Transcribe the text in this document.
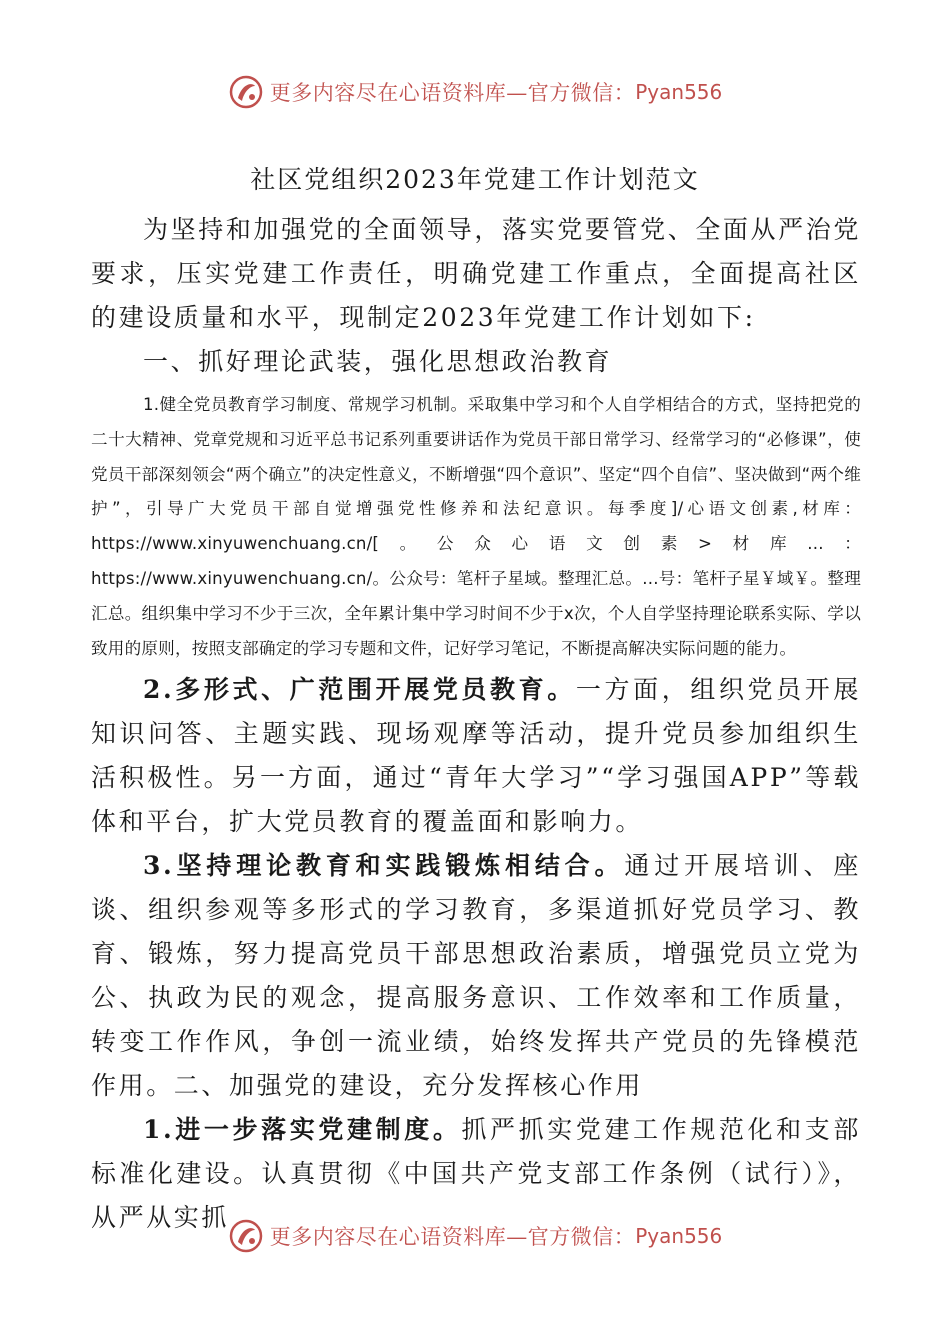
更多内容尽在心语资料库—官方微信： Pyan556
社区党组织2023年党建工作计划范文

为坚持和加强党的全面领导，落实党要管党、全面从严治党要求，压实党建工作责任，明确党建工作重点，全面提高社区的建设质量和水平，现制定2023年党建工作计划如下:

一、抓好理论武装，强化思想政治教育

1.健全党员教育学习制度、常规学习机制。采取集中学习和个人自学相结合的方式，坚持把党的二十大精神、党章党规和习近平总书记系列重要讲话作为党员干部日常学习、经常学习的“必修课”，使党员干部深刻领会“两个确立”的决定性意义，不断增强“四个意识”、坚定“四个自信”、坚决做到“两个维护”，引导广大党员干部自觉增强党性修养和法纪意识。每季度]/心语文创素,材库：https://www.xinyuwenchuang.cn/[。公众心语文创素>材库...：https://www.xinyuwenchuang.cn/。公众号：笔杆子星域。整理汇总。...号：笔杆子星￥域￥。整理汇总。组织集中学习不少于三次，全年累计集中学习时间不少于x次，个人自学坚持理论联系实际、学以致用的原则，按照支部确定的学习专题和文件，记好学习笔记，不断提高解决实际问题的能力。

2.多形式、广范围开展党员教育。一方面，组织党员开展知识问答、主题实践、现场观摩等活动，提升党员参加组织生活积极性。另一方面，通过“青年大学习”“学习强国APP”等载体和平台，扩大党员教育的覆盖面和影响力。

3.坚持理论教育和实践锻炼相结合。通过开展培训、座谈、组织参观等多形式的学习教育，多渠道抓好党员学习、教育、锻炼，努力提高党员干部思想政治素质，增强党员立党为公、执政为民的观念，提高服务意识、工作效率和工作质量，转变工作作风，争创一流业绩，始终发挥共产党员的先锋模范作用。二、加强党的建设，充分发挥核心作用

1.进一步落实党建制度。抓严抓实党建工作规范化和支部标准化建设。认真贯彻《中国共产党支部工作条例（试行）》，从严从实抓

更多内容尽在心语资料库—官方微信： Pyan556
